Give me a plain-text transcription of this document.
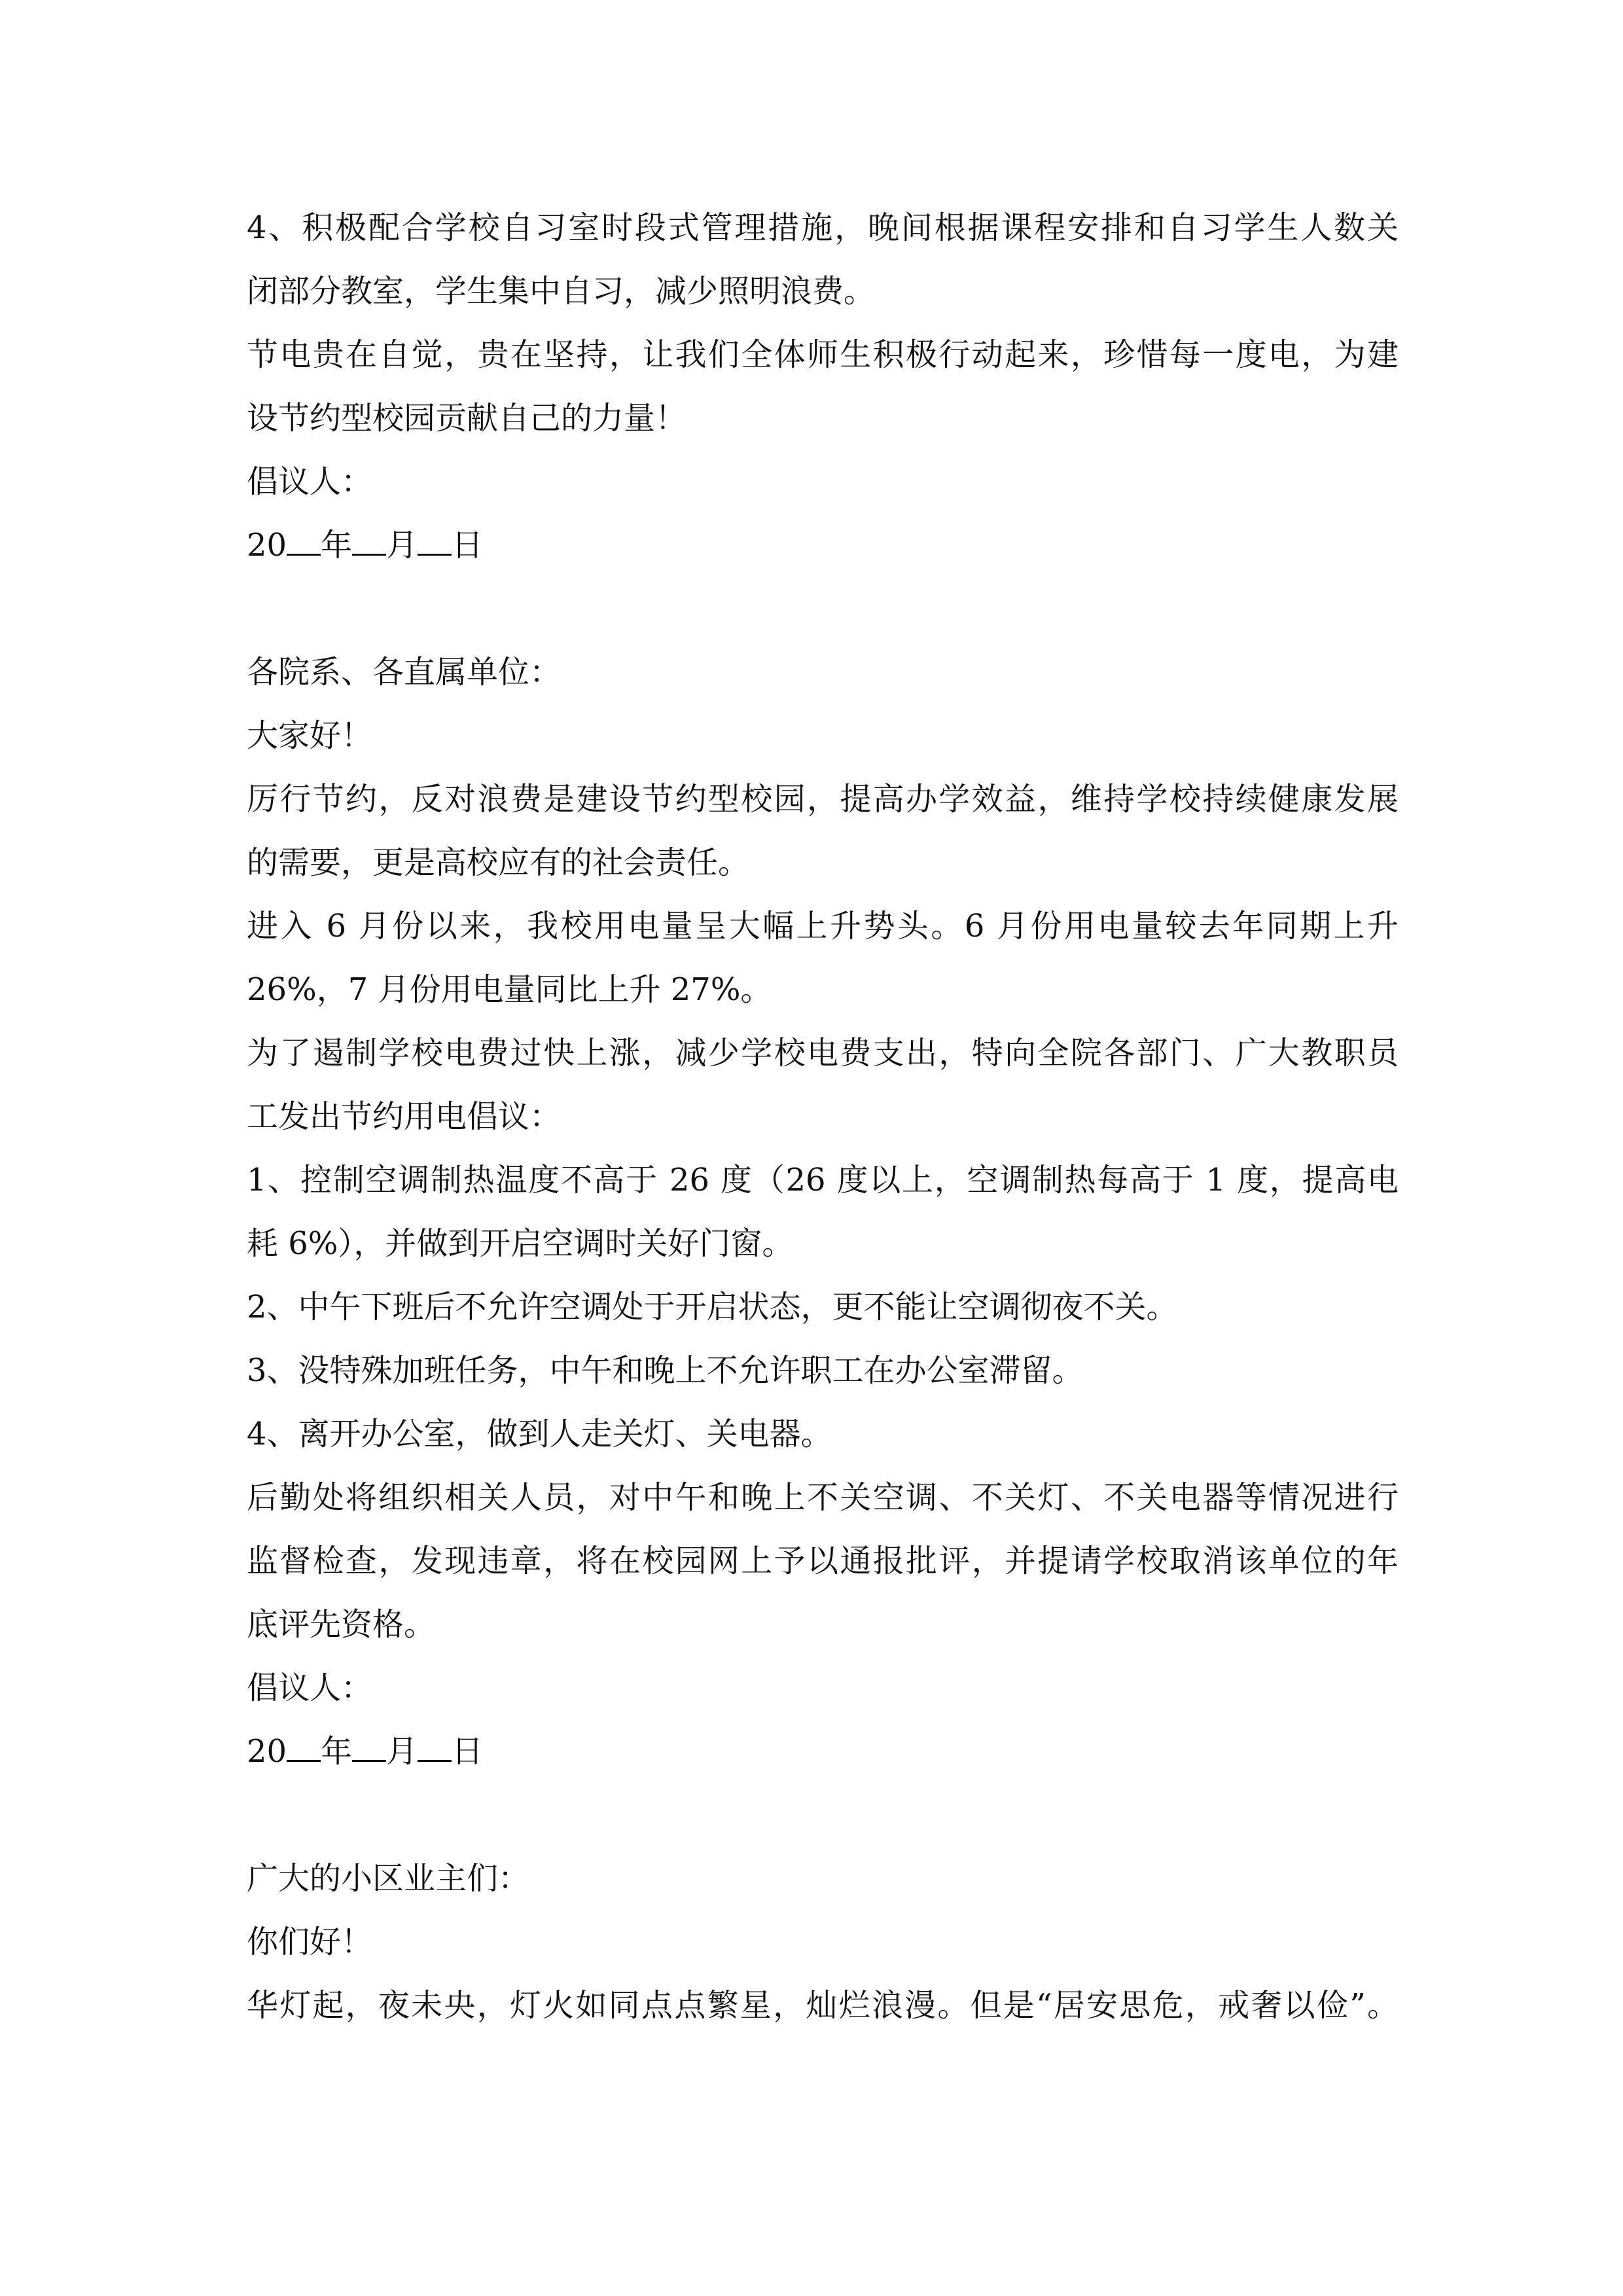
4、积极配合学校自习室时段式管理措施，晚间根据课程安排和自习学生人数关
闭部分教室，学生集中自习，减少照明浪费。
节电贵在自觉，贵在坚持，让我们全体师生积极行动起来，珍惜每一度电，为建
设节约型校园贡献自己的力量！
倡议人：
20 年 月 日
各院系、各直属单位：
大家好！
厉行节约，反对浪费是建设节约型校园，提高办学效益，维持学校持续健康发展
的需要，更是高校应有的社会责任。
进入 6 月份以来，我校用电量呈大幅上升势头。6 月份用电量较去年同期上升
26%，7 月份用电量同比上升 27%。
为了遏制学校电费过快上涨，减少学校电费支出，特向全院各部门、广大教职员
工发出节约用电倡议：
1、控制空调制热温度不高于 26 度（26 度以上，空调制热每高于 1 度，提高电
耗 6%），并做到开启空调时关好门窗。
2、中午下班后不允许空调处于开启状态，更不能让空调彻夜不关。
3、没特殊加班任务，中午和晚上不允许职工在办公室滞留。
4、离开办公室，做到人走关灯、关电器。
后勤处将组织相关人员，对中午和晚上不关空调、不关灯、不关电器等情况进行
监督检查，发现违章，将在校园网上予以通报批评，并提请学校取消该单位的年
底评先资格。
倡议人：
20 年 月 日
广大的小区业主们：
你们好！
华灯起，夜未央，灯火如同点点繁星，灿烂浪漫。但是“居安思危，戒奢以俭”。
